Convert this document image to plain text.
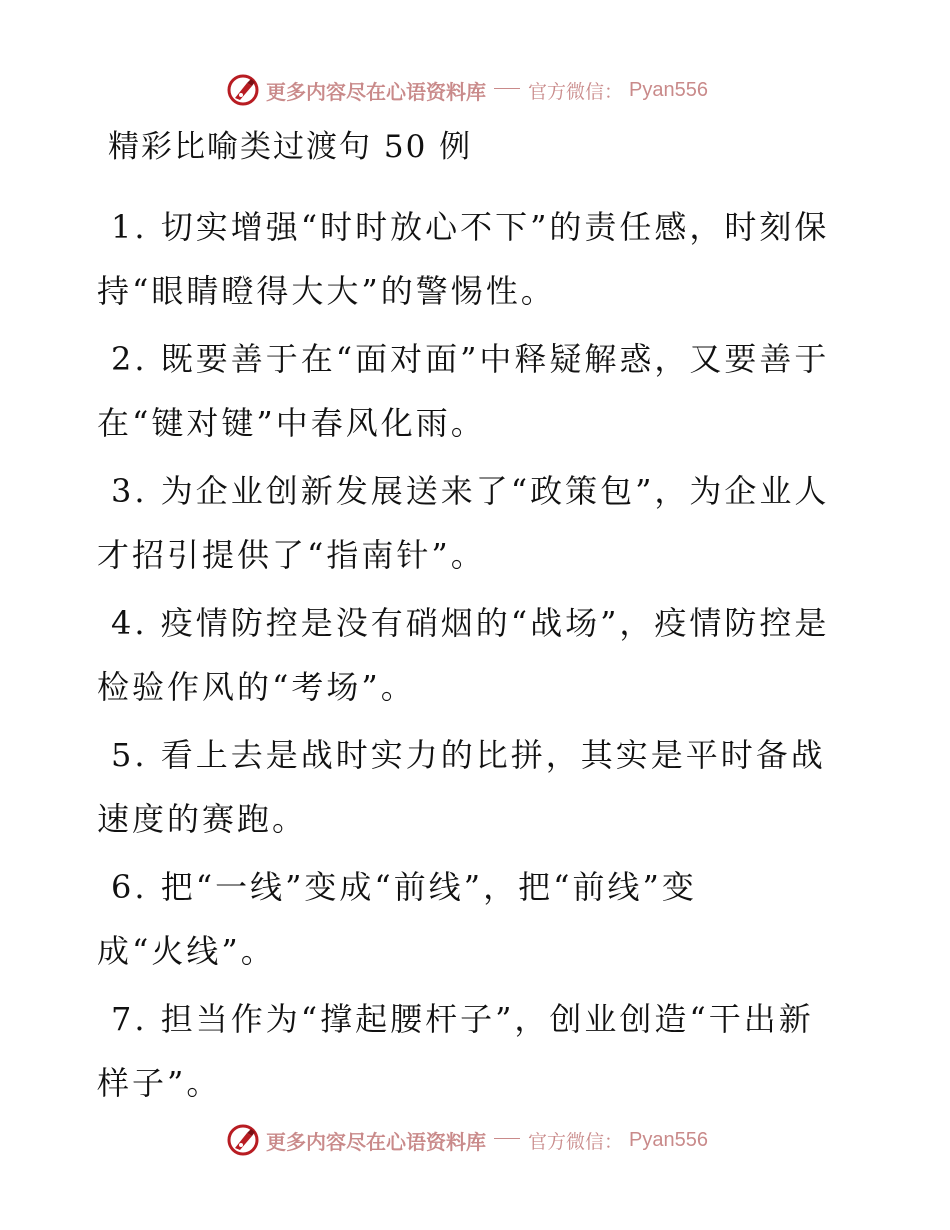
更多内容尽在心语资料库 官方微信： Pyan556
精彩比喻类过渡句 50 例

1. 切实增强“时时放心不下”的责任感，时刻保持“眼睛瞪得大大”的警惕性。

2. 既要善于在“面对面”中释疑解惑，又要善于在“键对键”中春风化雨。

3. 为企业创新发展送来了“政策包”，为企业人才招引提供了“指南针”。

4. 疫情防控是没有硝烟的“战场”，疫情防控是检验作风的“考场”。

5. 看上去是战时实力的比拼，其实是平时备战速度的赛跑。

6. 把“一线”变成“前线”，把“前线”变成“火线”。

7. 担当作为“撑起腰杆子”，创业创造“干出新样子”。

更多内容尽在心语资料库 官方微信： Pyan556
